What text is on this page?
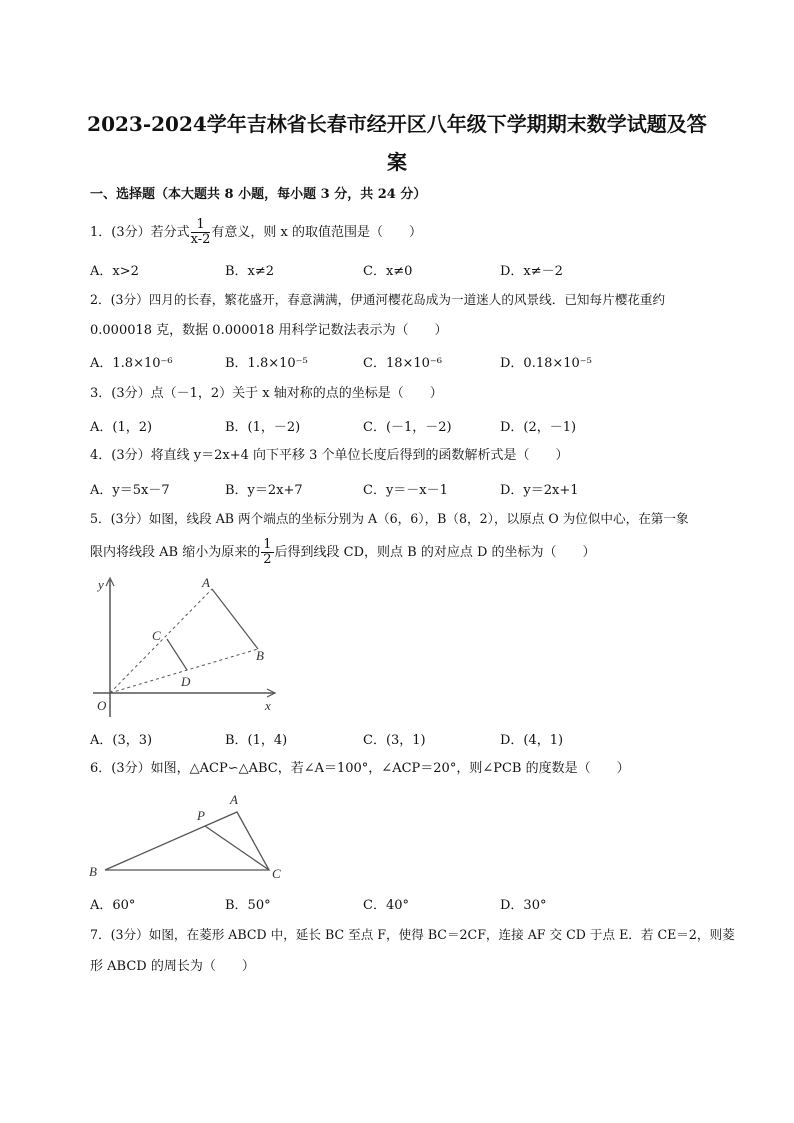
2023-2024学年吉林省长春市经开区八年级下学期期末数学试题及答
案
一、选择题（本大题共 8 小题，每小题 3 分，共 24 分）
1．(3分）若分式 $\frac{1}{x-2}$ 有意义，则 x 的取值范围是（　　）
A．x>2	B．x≠2	C．x≠0	D．x≠－2
2．(3分）四月的长春，繁花盛开，春意满满，伊通河樱花岛成为一道迷人的风景线．已知每片樱花重约
0.000018 克，数据 0.000018 用科学记数法表示为（　　）
A．1.8×10⁻⁶	B．1.8×10⁻⁵	C．18×10⁻⁶	D．0.18×10⁻⁵
3．(3分）点（－1，2）关于 x 轴对称的点的坐标是（　　）
A．(1，2)	B．(1，－2)	C．(－1，－2)	D．(2，－1)
4．(3分）将直线 y＝2x+4 向下平移 3 个单位长度后得到的函数解析式是（　　）
A．y＝5x－7	B．y＝2x+7	C．y＝－x－1	D．y＝2x+1
5．(3分）如图，线段 AB 两个端点的坐标分别为 A（6，6），B（8，2），以原点 O 为位似中心，在第一象
限内将线段 AB 缩小为原来的 $\frac{1}{2}$ 后得到线段 CD，则点 B 的对应点 D 的坐标为（　　）
y
x
O
A
B
C
D
A．(3，3)	B．(1，4)	C．(3，1)	D．(4，1)
6．(3分）如图，△ACP∽△ABC，若∠A＝100°，∠ACP＝20°，则∠PCB 的度数是（　　）
A
P
B	C
A．60°	B．50°	C．40°	D．30°
7．(3分）如图，在菱形 ABCD 中，延长 BC 至点 F，使得 BC＝2CF，连接 AF 交 CD 于点 E．若 CE＝2，则菱
形 ABCD 的周长为（　　）
